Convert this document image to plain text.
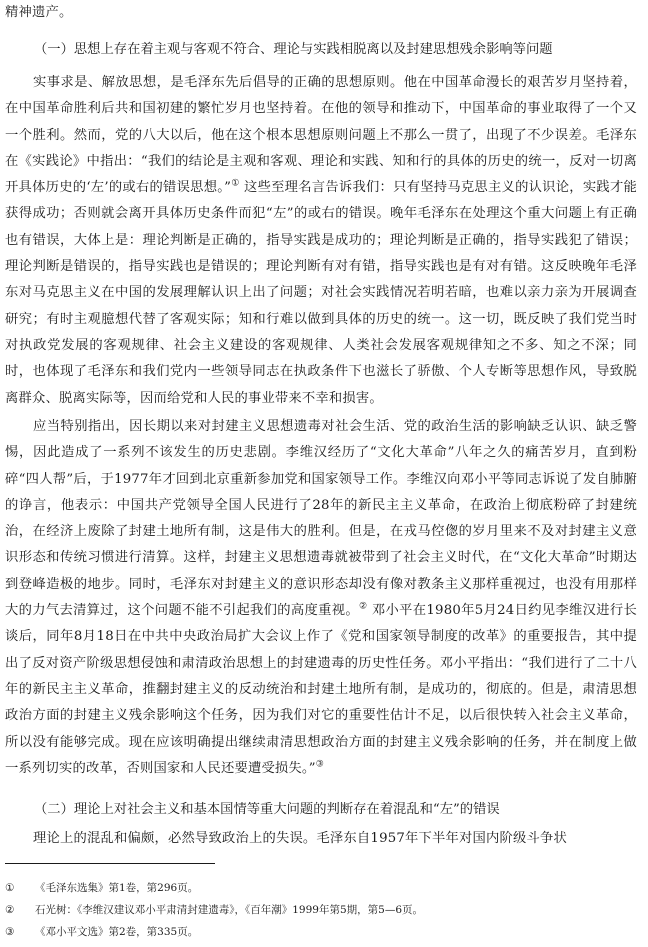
精神遗产。

（一）思想上存在着主观与客观不符合、理论与实践相脱离以及封建思想残余影响等问题

实事求是、解放思想，是毛泽东先后倡导的正确的思想原则。他在中国革命漫长的艰苦岁月坚持着，在中国革命胜利后共和国初建的繁忙岁月也坚持着。在他的领导和推动下，中国革命的事业取得了一个又一个胜利。然而，党的八大以后，他在这个根本思想原则问题上不那么一贯了，出现了不少误差。毛泽东在《实践论》中指出：“我们的结论是主观和客观、理论和实践、知和行的具体的历史的统一，反对一切离开具体历史的‘左’的或右的错误思想。”① 这些至理名言告诉我们：只有坚持马克思主义的认识论，实践才能获得成功；否则就会离开具体历史条件而犯“左”的或右的错误。晚年毛泽东在处理这个重大问题上有正确也有错误，大体上是：理论判断是正确的，指导实践是成功的；理论判断是正确的，指导实践犯了错误；理论判断是错误的，指导实践也是错误的；理论判断有对有错，指导实践也是有对有错。这反映晚年毛泽东对马克思主义在中国的发展理解认识上出了问题；对社会实践情况若明若暗，也难以亲力亲为开展调查研究；有时主观臆想代替了客观实际；知和行难以做到具体的历史的统一。这一切，既反映了我们党当时对执政党发展的客观规律、社会主义建设的客观规律、人类社会发展客观规律知之不多、知之不深；同时，也体现了毛泽东和我们党内一些领导同志在执政条件下也滋长了骄傲、个人专断等思想作风，导致脱离群众、脱离实际等，因而给党和人民的事业带来不幸和损害。

应当特别指出，因长期以来对封建主义思想遗毒对社会生活、党的政治生活的影响缺乏认识、缺乏警惕，因此造成了一系列不该发生的历史悲剧。李维汉经历了“文化大革命”八年之久的痛苦岁月，直到粉碎“四人帮”后，于1977年才回到北京重新参加党和国家领导工作。李维汉向邓小平等同志诉说了发自肺腑的诤言，他表示：中国共产党领导全国人民进行了28年的新民主主义革命，在政治上彻底粉碎了封建统治，在经济上废除了封建土地所有制，这是伟大的胜利。但是，在戎马倥偬的岁月里来不及对封建主义意识形态和传统习惯进行清算。这样，封建主义思想遗毒就被带到了社会主义时代，在“文化大革命”时期达到登峰造极的地步。同时，毛泽东对封建主义的意识形态却没有像对教条主义那样重视过，也没有用那样大的力气去清算过，这个问题不能不引起我们的高度重视。② 邓小平在1980年5月24日约见李维汉进行长谈后，同年8月18日在中共中央政治局扩大会议上作了《党和国家领导制度的改革》的重要报告，其中提出了反对资产阶级思想侵蚀和肃清政治思想上的封建遗毒的历史性任务。邓小平指出：“我们进行了二十八年的新民主主义革命，推翻封建主义的反动统治和封建土地所有制，是成功的，彻底的。但是，肃清思想政治方面的封建主义残余影响这个任务，因为我们对它的重要性估计不足，以后很快转入社会主义革命，所以没有能够完成。现在应该明确提出继续肃清思想政治方面的封建主义残余影响的任务，并在制度上做一系列切实的改革，否则国家和人民还要遭受损失。”③

（二）理论上对社会主义和基本国情等重大问题的判断存在着混乱和“左”的错误

理论上的混乱和偏颇，必然导致政治上的失误。毛泽东自1957年下半年对国内阶级斗争状

① 《毛泽东选集》第1卷，第296页。

② 石光树：《李维汉建议邓小平肃清封建遗毒》，《百年潮》1999年第5期，第5—6页。

③ 《邓小平文选》第2卷，第335页。
